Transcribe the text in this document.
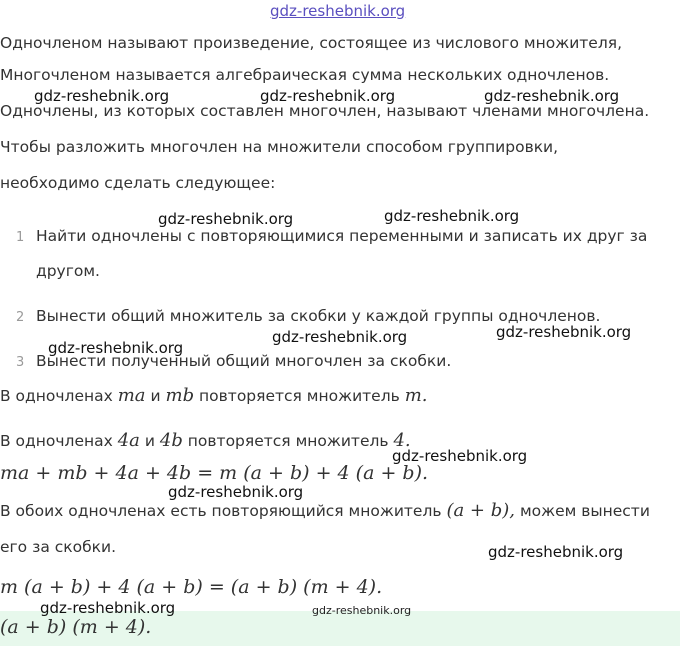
gdz-reshebnik.org
Одночленом называют произведение, состоящее из числового множителя,
Многочленом называется алгебраическая сумма нескольких одночленов.
Одночлены, из которых составлен многочлен, называют членами многочлена.
Чтобы разложить многочлен на множители способом группировки,
необходимо сделать следующее:
1 Найти одночлены с повторяющимися переменными и записать их друг за
другом.
2 Вынести общий множитель за скобки у каждой группы одночленов.
3 Вынести полученный общий многочлен за скобки.
В одночленах ma и mb повторяется множитель m.
В одночленах 4a и 4b повторяется множитель 4.
ma + mb + 4a + 4b = m (a + b) + 4 (a + b).
В обоих одночленах есть повторяющийся множитель (a + b), можем вынести
его за скобки.
m (a + b) + 4 (a + b) = (a + b) (m + 4).
(a + b) (m + 4).
gdz-reshebnik.org	gdz-reshebnik.org	gdz-reshebnik.org
gdz-reshebnik.org	gdz-reshebnik.org
gdz-reshebnik.org	gdz-reshebnik.org
gdz-reshebnik.org
gdz-reshebnik.org
gdz-reshebnik.org
gdz-reshebnik.org
gdz-reshebnik.org	gdz-reshebnik.org
